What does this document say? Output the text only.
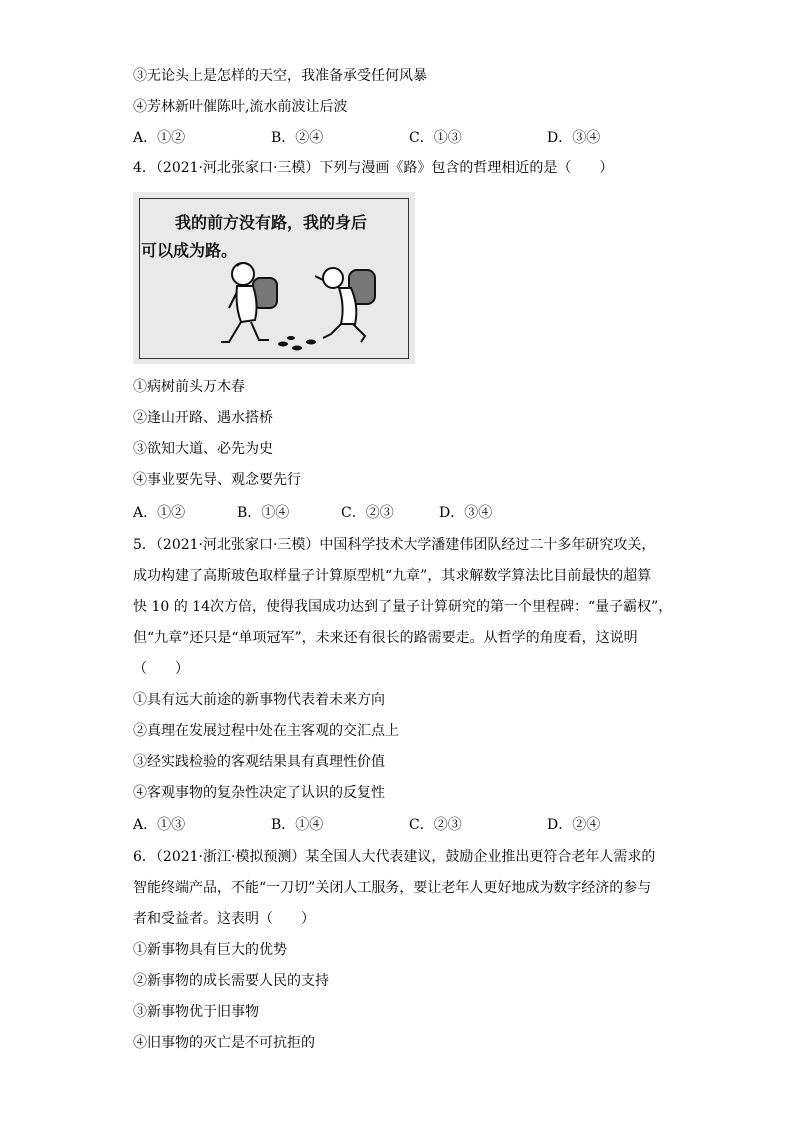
③无论头上是怎样的天空，我准备承受任何风暴
④芳林新叶催陈叶,流水前波让后波
A．①②	B．②④	C．①③	D．③④
4．（2021·河北张家口·三模）下列与漫画《路》包含的哲理相近的是（　　）
我的前方没有路，我的身后
可以成为路。
①病树前头万木春
②逢山开路、遇水搭桥
③欲知大道、必先为史
④事业要先导、观念要先行
A．①②	B．①④	C．②③	D．③④
5．（2021·河北张家口·三模）中国科学技术大学潘建伟团队经过二十多年研究攻关，
成功构建了高斯玻色取样量子计算原型机“九章”，其求解数学算法比目前最快的超算
快 10 的 14次方倍，使得我国成功达到了量子计算研究的第一个里程碑：“量子霸权”，
但“九章”还只是“单项冠军”，未来还有很长的路需要走。从哲学的角度看，这说明
（　　）
①具有远大前途的新事物代表着未来方向
②真理在发展过程中处在主客观的交汇点上
③经实践检验的客观结果具有真理性价值
④客观事物的复杂性决定了认识的反复性
A．①③	B．①④	C．②③	D．②④
6．（2021·浙江·模拟预测）某全国人大代表建议，鼓励企业推出更符合老年人需求的
智能终端产品，不能“一刀切”关闭人工服务，要让老年人更好地成为数字经济的参与
者和受益者。这表明（　　）
①新事物具有巨大的优势
②新事物的成长需要人民的支持
③新事物优于旧事物
④旧事物的灭亡是不可抗拒的
